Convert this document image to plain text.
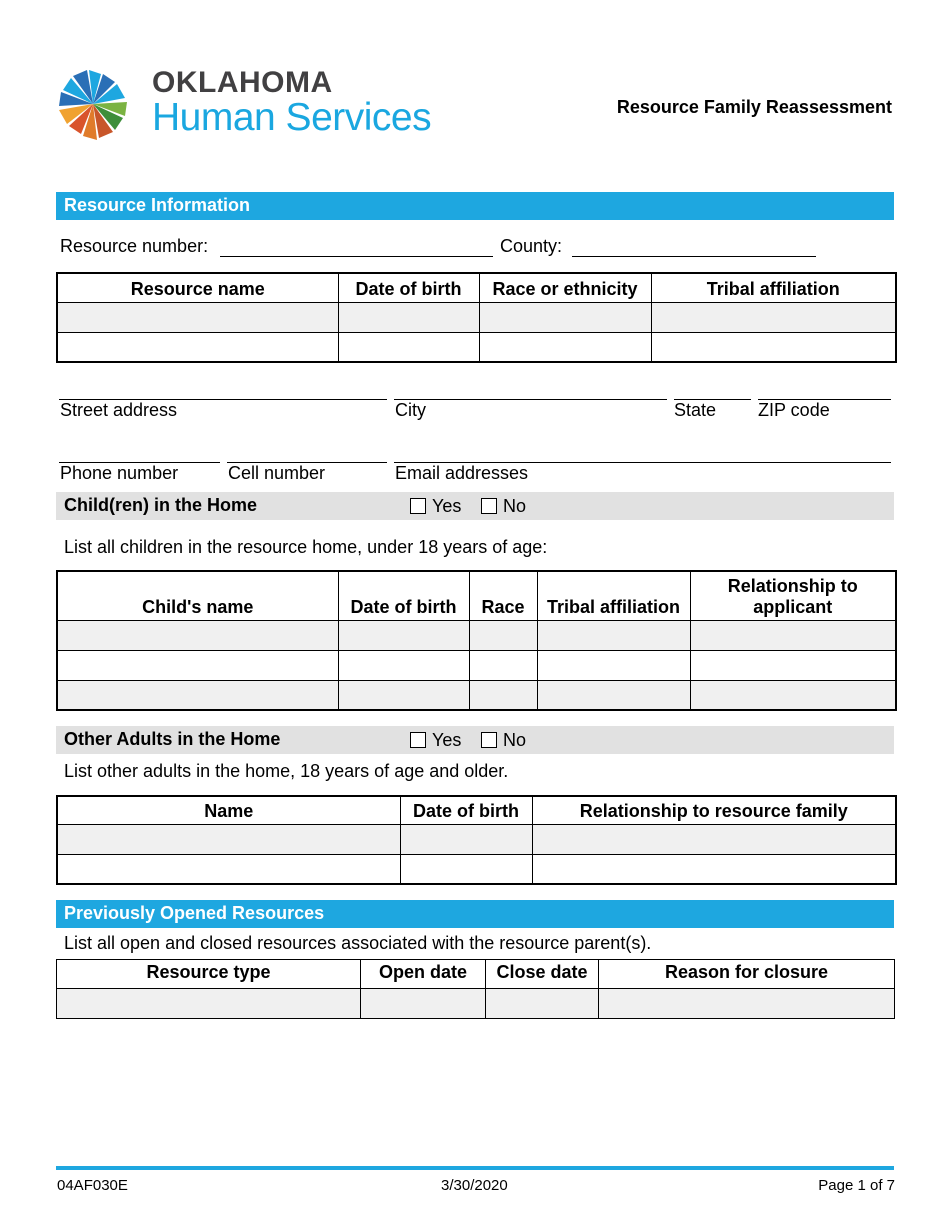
OKLAHOMA
Human Services	Resource Family Reassessment
Resource Information
Resource number:	County:
Resource name	Date of birth	Race or ethnicity	Tribal affiliation

Street address	City	State ZIP code
Phone number	Cell number	Email addresses
Child(ren) in the Home	Yes	No
List all children in the resource home, under 18 years of age:
Child's name	Date of birth	Race	Tribal affiliation	Relationship to applicant

Other Adults in the Home	Yes	No
List other adults in the home, 18 years of age and older.
Name	Date of birth	Relationship to resource family

Previously Opened Resources
List all open and closed resources associated with the resource parent(s).
Resource type	Open date	Close date	Reason for closure

04AF030E	3/30/2020	Page 1 of 7
